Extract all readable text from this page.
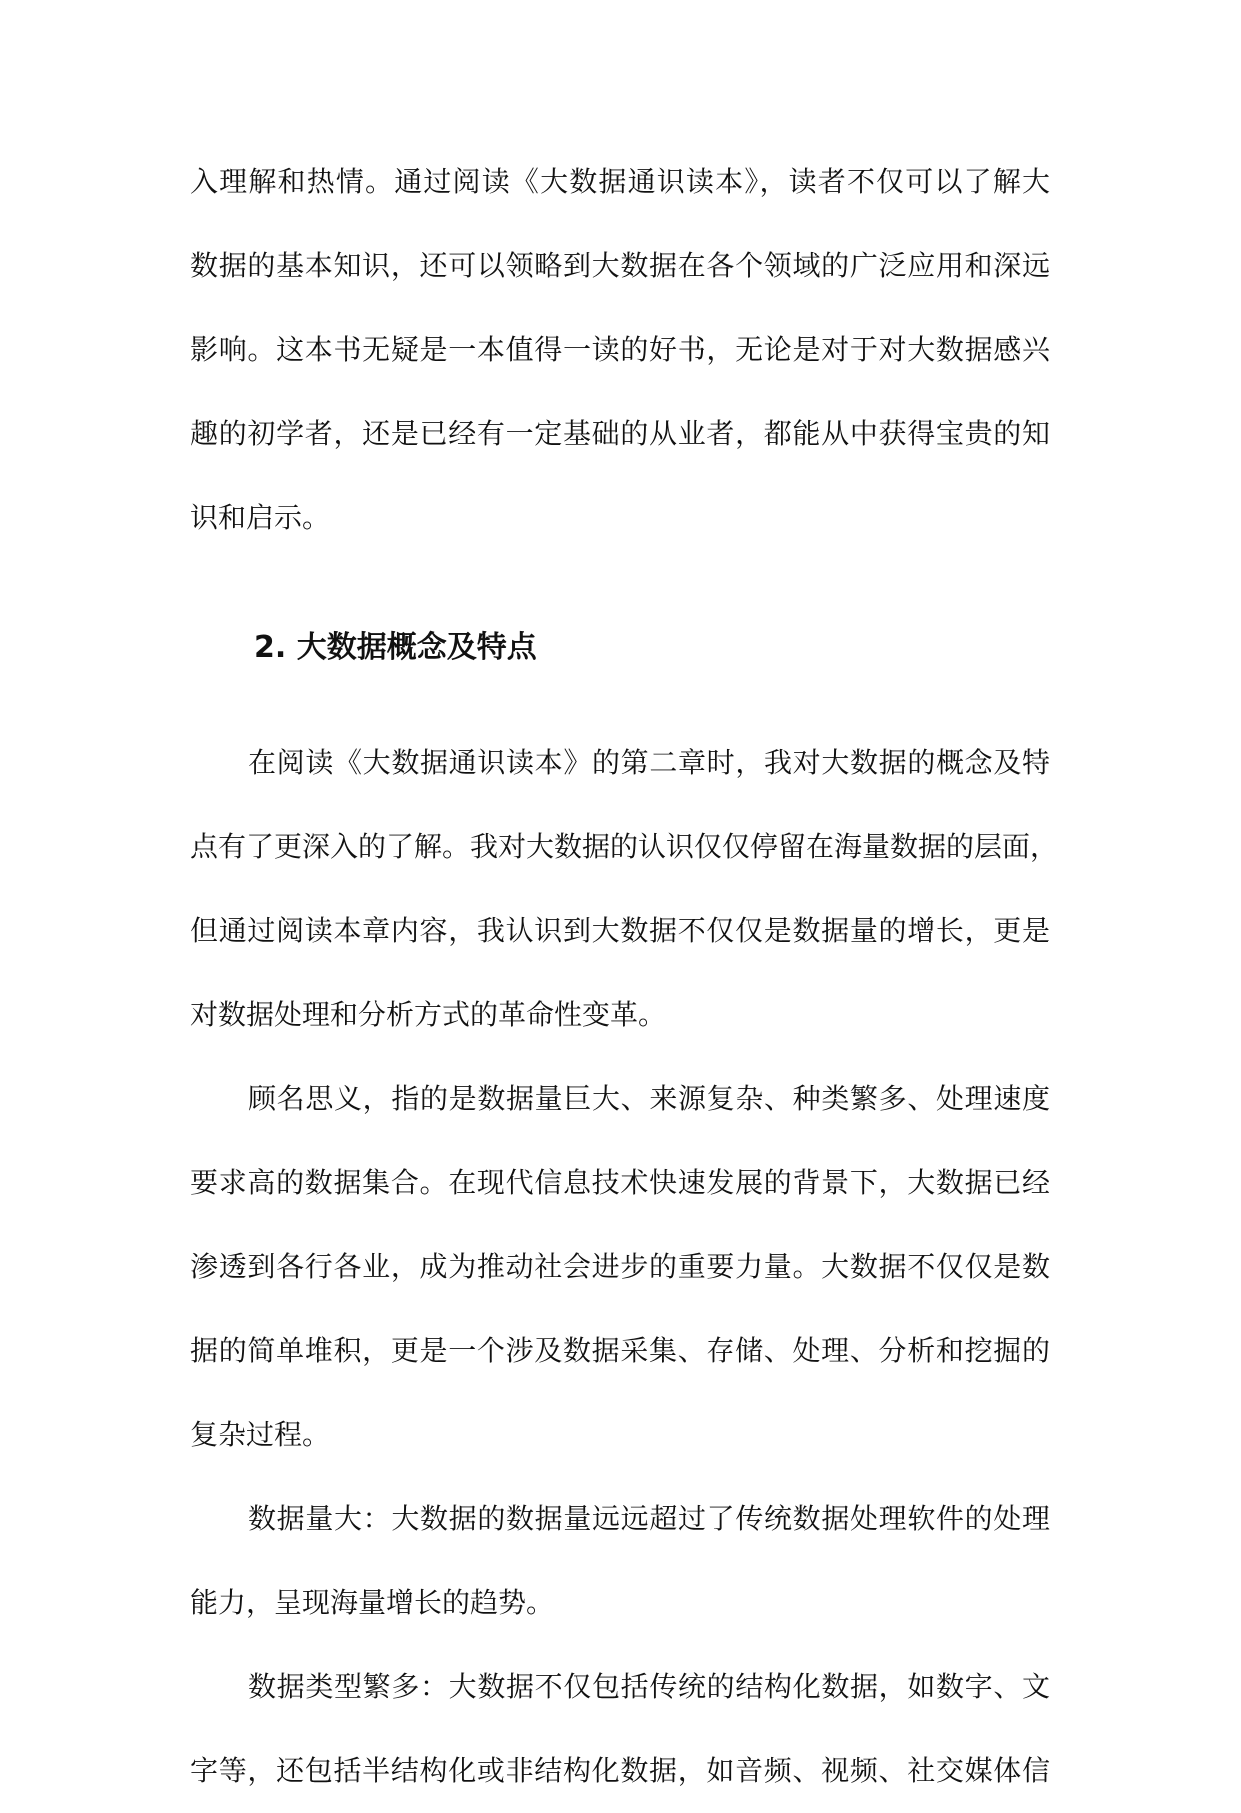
入理解和热情。通过阅读《大数据通识读本》，读者不仅可以了解大
数据的基本知识，还可以领略到大数据在各个领域的广泛应用和深远
影响。这本书无疑是一本值得一读的好书，无论是对于对大数据感兴
趣的初学者，还是已经有一定基础的从业者，都能从中获得宝贵的知
识和启示。
2. 大数据概念及特点
在阅读《大数据通识读本》的第二章时，我对大数据的概念及特
点有了更深入的了解。我对大数据的认识仅仅停留在海量数据的层面，
但通过阅读本章内容，我认识到大数据不仅仅是数据量的增长，更是
对数据处理和分析方式的革命性变革。
顾名思义，指的是数据量巨大、来源复杂、种类繁多、处理速度
要求高的数据集合。在现代信息技术快速发展的背景下，大数据已经
渗透到各行各业，成为推动社会进步的重要力量。大数据不仅仅是数
据的简单堆积，更是一个涉及数据采集、存储、处理、分析和挖掘的
复杂过程。
数据量大：大数据的数据量远远超过了传统数据处理软件的处理
能力，呈现海量增长的趋势。
数据类型繁多：大数据不仅包括传统的结构化数据，如数字、文
字等，还包括半结构化或非结构化数据，如音频、视频、社交媒体信
